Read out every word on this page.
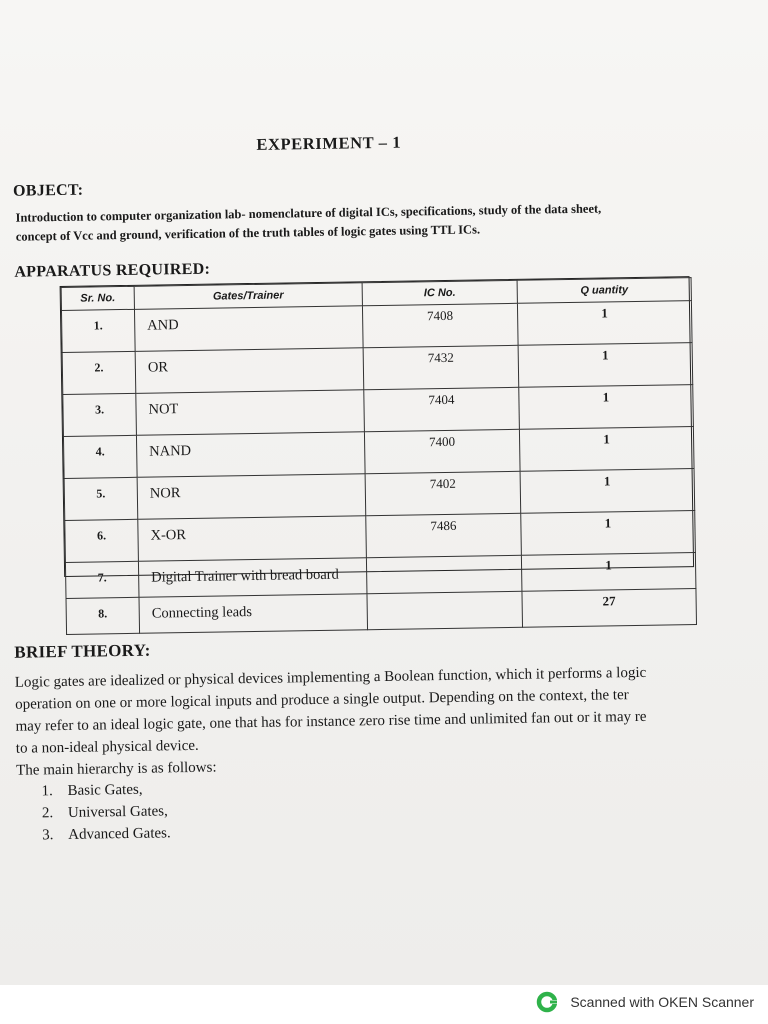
EXPERIMENT – 1
OBJECT:
Introduction to computer organization lab- nomenclature of digital ICs, specifications, study of the data sheet,
concept of Vcc and ground, verification of the truth tables of logic gates using TTL ICs.
APPARATUS REQUIRED:
Sr. No.	Gates/Trainer	IC No.	Q uantity
1.	AND	7408	1
2.	OR	7432	1
3.	NOT	7404	1
4.	NAND	7400	1
5.	NOR	7402	1
6.	X-OR	7486	1
7.	Digital Trainer with bread board		1
8.	Connecting leads		27
BRIEF THEORY:
Logic gates are idealized or physical devices implementing a Boolean function, which it performs a logic
operation on one or more logical inputs and produce a single output. Depending on the context, the ter
may refer to an ideal logic gate, one that has for instance zero rise time and unlimited fan out or it may re
to a non-ideal physical device.
The main hierarchy is as follows:
1. Basic Gates,
2. Universal Gates,
3. Advanced Gates.
Scanned with OKEN Scanner
